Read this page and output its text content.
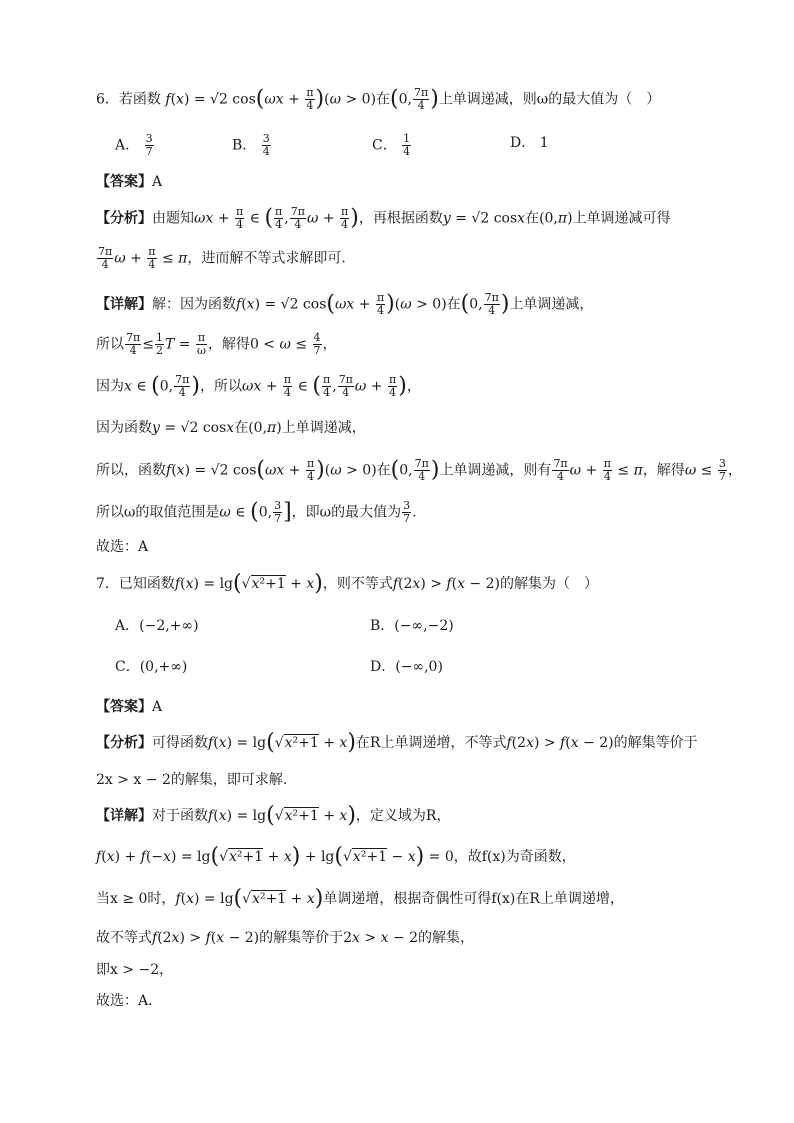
6．若函数 f(x) = √2 $\cos(\omega x + \frac{\pi}{4} )(\omega > 0)$在(0, $\frac{7\pi}{4}$ )上单调递减，则ω的最大值为（　）
A． $\frac{3}{7}$	B． $\frac{3}{4}$	C． $\frac{1}{4}$	D． 1
【答案】A
【分析】由题知$\omega x + \frac{\pi}{4}$ ∈ ( $\frac{\pi}{4}$ , $\frac{7\pi}{4}$ $\omega + \frac{\pi}{4}$ )，再根据函数y = √2 cosx在(0,π)上单调递减可得
$\frac{7\pi}{4}$ $\omega + \frac{\pi}{4} \le \pi$，进而解不等式求解即可.
【详解】解：因为函数f(x) = √2 $\cos(\omega x + \frac{\pi}{4} )(\omega > 0)$在(0, $\frac{7\pi}{4}$ )上单调递减，
所以 $\frac{7\pi}{4} \le \frac{1}{2}$ $T = \frac{\pi}{\omega}$ ，解得$0 < \omega \le \frac{4}{7}$ ，
因为x ∈ (0, $\frac{7\pi}{4}$ )，所以$\omega x + \frac{\pi}{4}$ ∈ ( $\frac{\pi}{4}$ , $\frac{7\pi}{4}$ $\omega + \frac{\pi}{4}$ )，
因为函数y = √2 cosx在(0,π)上单调递减，
所以，函数f(x) = √2 $\cos(\omega x + \frac{\pi}{4} )(\omega > 0)$在(0, $\frac{7\pi}{4}$ )上单调递减，则有 $\frac{7\pi}{4}$ $\omega + \frac{\pi}{4} \le \pi$，解得$\omega \le \frac{3}{7}$ ，
所以ω的取值范围是ω ∈ (0, $\frac{3}{7}$ ]，即ω的最大值为 $\frac{3}{7}$ .
故选：A
7．已知函数f(x) = lg(√x²+1 + x)，则不等式f(2x) > f(x − 2)的解集为（　）
A．(−2,+∞)	B．(−∞,−2)
C．(0,+∞)	D．(−∞,0)
【答案】A
【分析】可得函数f(x) = lg(√x²+1 + x)在R上单调递增，不等式f(2x) > f(x − 2)的解集等价于
2x > x − 2的解集，即可求解.
【详解】对于函数f(x) = lg(√x²+1 + x)，定义域为R，
f(x) + f(−x) = lg(√x²+1 + x) + lg(√x²+1 − x) = 0，故f(x)为奇函数，
当x ≥ 0时，f(x) = lg(√x²+1 + x)单调递增，根据奇偶性可得f(x)在R上单调递增，
故不等式f(2x) > f(x − 2)的解集等价于2x > x − 2的解集，
即x > −2，
故选：A．
